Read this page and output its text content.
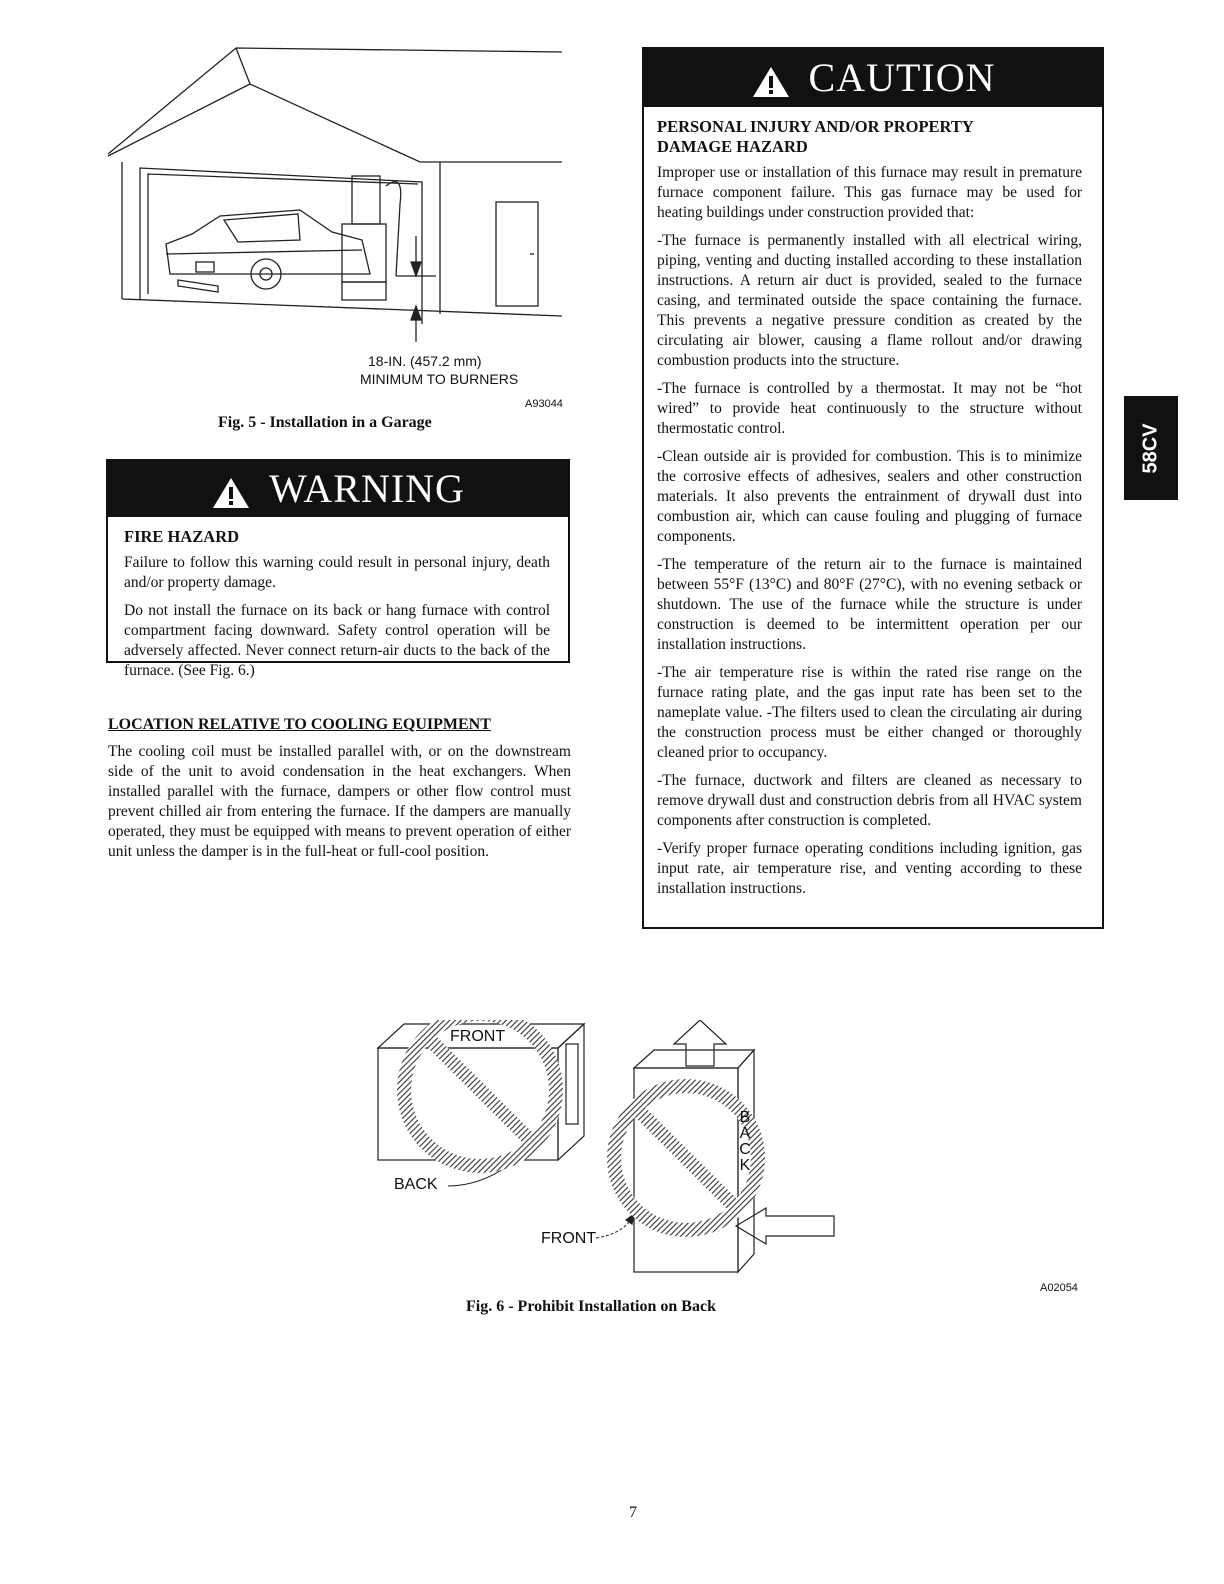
18-IN. (457.2 mm)
MINIMUM TO BURNERS
A93044
Fig. 5 - Installation in a Garage
WARNING
FIRE HAZARD

Failure to follow this warning could result in personal injury, death and/or property damage.

Do not install the furnace on its back or hang furnace with control compartment facing downward. Safety control operation will be adversely affected. Never connect return-air ducts to the back of the furnace. (See Fig. 6.)

LOCATION RELATIVE TO COOLING EQUIPMENT

The cooling coil must be installed parallel with, or on the downstream side of the unit to avoid condensation in the heat exchangers. When installed parallel with the furnace, dampers or other flow control must prevent chilled air from entering the furnace. If the dampers are manually operated, they must be equipped with means to prevent operation of either unit unless the damper is in the full-heat or full-cool position.

CAUTION
PERSONAL INJURY AND/OR PROPERTY
DAMAGE HAZARD

Improper use or installation of this furnace may result in premature furnace component failure. This gas furnace may be used for heating buildings under construction provided that:

-The furnace is permanently installed with all electrical wiring, piping, venting and ducting installed according to these installation instructions. A return air duct is provided, sealed to the furnace casing, and terminated outside the space containing the furnace. This prevents a negative pressure condition as created by the circulating air blower, causing a flame rollout and/or drawing combustion products into the structure.

-The furnace is controlled by a thermostat. It may not be “hot wired” to provide heat continuously to the structure without thermostatic control.

-Clean outside air is provided for combustion. This is to minimize the corrosive effects of adhesives, sealers and other construction materials. It also prevents the entrainment of drywall dust into combustion air, which can cause fouling and plugging of furnace components.

-The temperature of the return air to the furnace is maintained between 55°F (13°C) and 80°F (27°C), with no evening setback or shutdown. The use of the furnace while the structure is under construction is deemed to be intermittent operation per our installation instructions.

-The air temperature rise is within the rated rise range on the furnace rating plate, and the gas input rate has been set to the nameplate value. -The filters used to clean the circulating air during the construction process must be either changed or thoroughly cleaned prior to occupancy.

-The furnace, ductwork and filters are cleaned as necessary to remove drywall dust and construction debris from all HVAC system components after construction is completed.

-Verify proper furnace operating conditions including ignition, gas input rate, air temperature rise, and venting according to these installation instructions.

58CV
FRONT
BACK
FRONT
B
A
C
K
A02054
Fig. 6 - Prohibit Installation on Back
7
